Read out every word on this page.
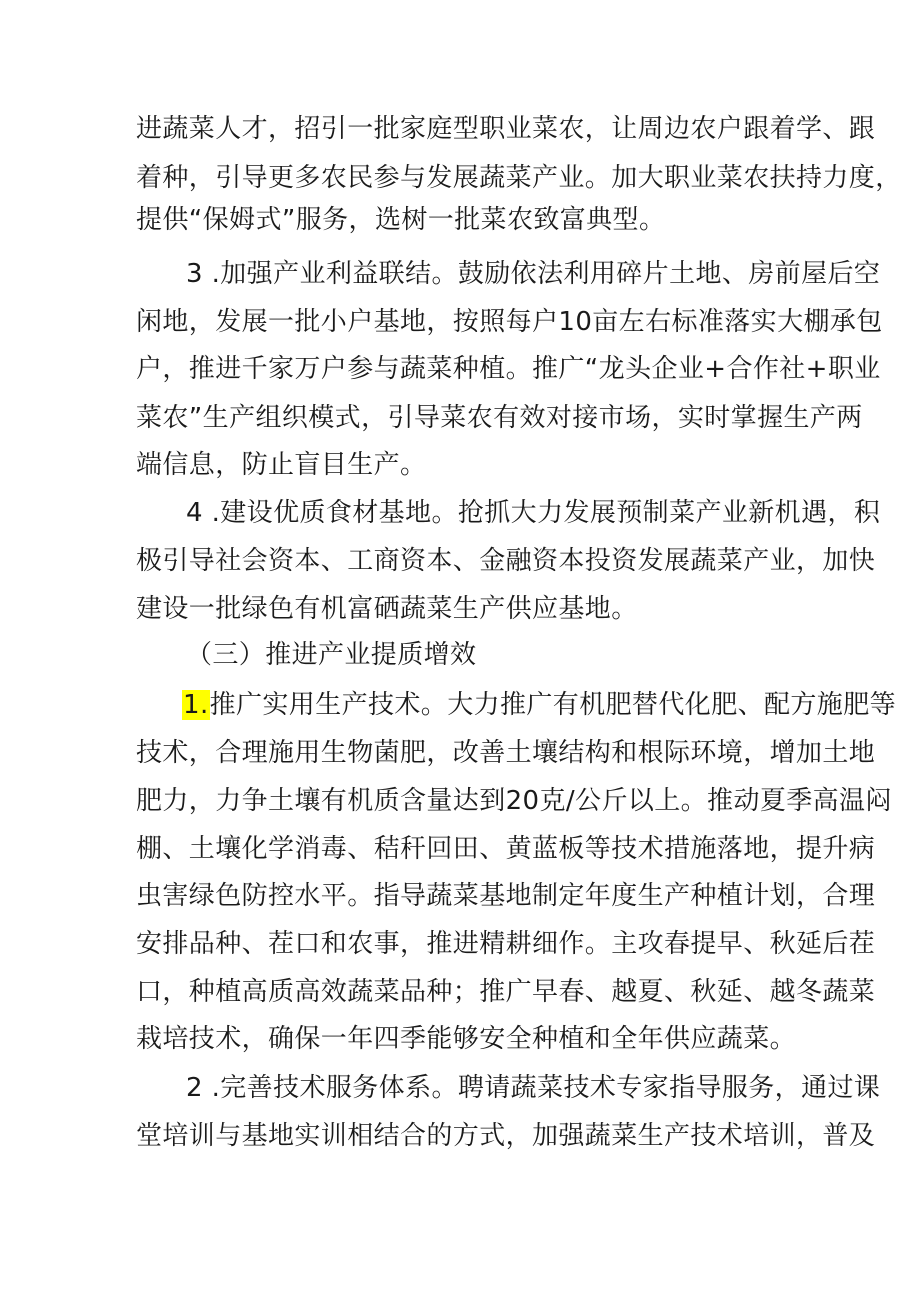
进蔬菜人才，招引一批家庭型职业菜农，让周边农户跟着学、跟
着种，引导更多农民参与发展蔬菜产业。加大职业菜农扶持力度，
提供“保姆式”服务，选树一批菜农致富典型。
3 .加强产业利益联结。鼓励依法利用碎片土地、房前屋后空
闲地，发展一批小户基地，按照每户10亩左右标准落实大棚承包
户，推进千家万户参与蔬菜种植。推广“龙头企业+合作社+职业
菜农”生产组织模式，引导菜农有效对接市场，实时掌握生产两
端信息，防止盲目生产。
4 .建设优质食材基地。抢抓大力发展预制菜产业新机遇，积
极引导社会资本、工商资本、金融资本投资发展蔬菜产业，加快
建设一批绿色有机富硒蔬菜生产供应基地。
（三）推进产业提质增效
1.推广实用生产技术。大力推广有机肥替代化肥、配方施肥等
技术，合理施用生物菌肥，改善土壤结构和根际环境，增加土地
肥力，力争土壤有机质含量达到20克/公斤以上。推动夏季高温闷
棚、土壤化学消毒、秸秆回田、黄蓝板等技术措施落地，提升病
虫害绿色防控水平。指导蔬菜基地制定年度生产种植计划，合理
安排品种、茬口和农事，推进精耕细作。主攻春提早、秋延后茬
口，种植高质高效蔬菜品种；推广早春、越夏、秋延、越冬蔬菜
栽培技术，确保一年四季能够安全种植和全年供应蔬菜。
2 .完善技术服务体系。聘请蔬菜技术专家指导服务，通过课
堂培训与基地实训相结合的方式，加强蔬菜生产技术培训，普及
